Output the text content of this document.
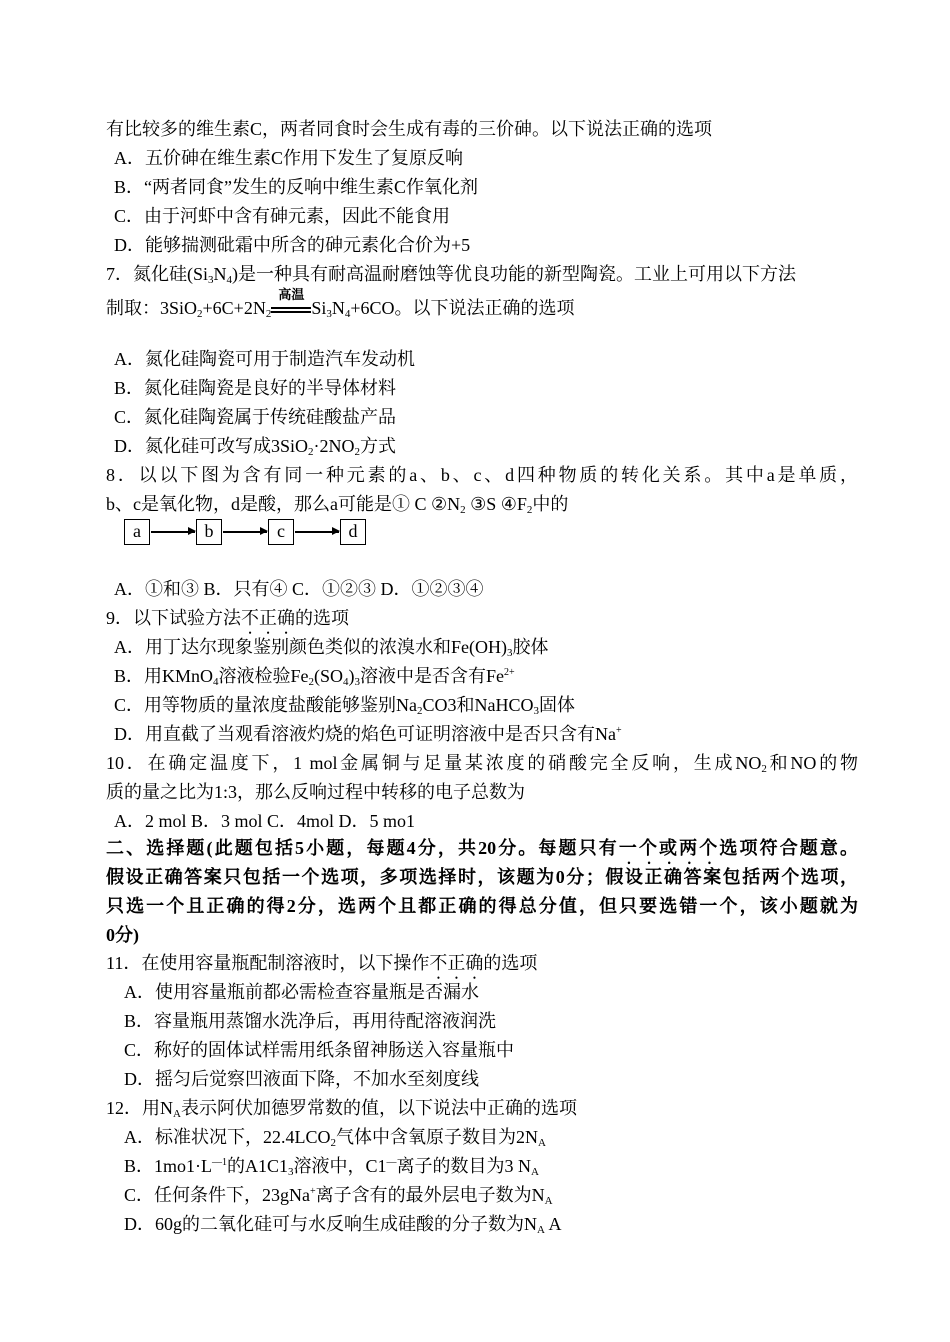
有比较多的维生素C，两者同食时会生成有毒的三价砷。以下说法正确的选项
A．五价砷在维生素C作用下发生了复原反响
B．“两者同食”发生的反响中维生素C作氧化剂
C．由于河虾中含有砷元素，因此不能食用
D．能够揣测砒霜中所含的砷元素化合价为+5
7．氮化硅$(Si_3N_4)$是一种具有耐高温耐磨蚀等优良功能的新型陶瓷。工业上可用以下方法
制取：$3SiO_2+6C+2N_2$
高温
$Si_3N_4+6CO$。以下说法正确的选项
A．氮化硅陶瓷可用于制造汽车发动机
B．氮化硅陶瓷是良好的半导体材料
C．氮化硅陶瓷属于传统硅酸盐产品
D．氮化硅可改写成$3SiO_2\cdot 2NO_2$方式
8．以以下图为含有同一种元素的a、b、c、d四种物质的转化关系。其中a是单质，
b、c是氧化物，d是酸，那么a可能是① C $②N_2$ ③S $④F_2$中的
a	b	c	d
A．①和③ B．只有④ C．①②③ D．①②③④
9．以下试验方法不正确的选项
A．用丁达尔现象鉴别颜色类似的浓溴水和$Fe(OH)_3$胶体
B．用KMnO$_4$溶液检验$Fe_2(SO_4)_3$溶液中是否含有$Fe^{2+}$
C．用等物质的量浓度盐酸能够鉴别$Na_2CO3$和NaHCO$_3$固体
D．用直截了当观看溶液灼烧的焰色可证明溶液中是否只含有Na+
10．在确定温度下，1 mol金属铜与足量某浓度的硝酸完全反响，生成$NO_2$和NO的物
质的量之比为1:3，那么反响过程中转移的电子总数为
A．2 mol B．3 mol C．4mol D．5 mo1
二、选择题(此题包括5小题，每题4分，共20分。每题只有一个或两个选项符合题意。
假设正确答案只包括一个选项，多项选择时，该题为0分；假设正确答案包括两个选项，
只选一个且正确的得2分，选两个且都正确的得总分值，但只要选错一个，该小题就为
0分)
11．在使用容量瓶配制溶液时，以下操作不正确的选项
A．使用容量瓶前都必需检查容量瓶是否漏水
B．容量瓶用蒸馏水洗净后，再用待配溶液润洗
C．称好的固体试样需用纸条留神肠送入容量瓶中
D．摇匀后觉察凹液面下降，不加水至刻度线
12．用$N_A$表示阿伏加德罗常数的值，以下说法中正确的选项
A．标准状况下，$22.4LCO_2$气体中含氧原子数目为$2N_A$
B．$1mo1\cdot L^{—1}$的$A1C1_3$溶液中，C1—离子的数目为3 $N_A$
C．任何条件下，23gNa+离子含有的最外层电子数为$N_A$
D．60g的二氧化硅可与水反响生成硅酸的分子数为$N_A$ A
